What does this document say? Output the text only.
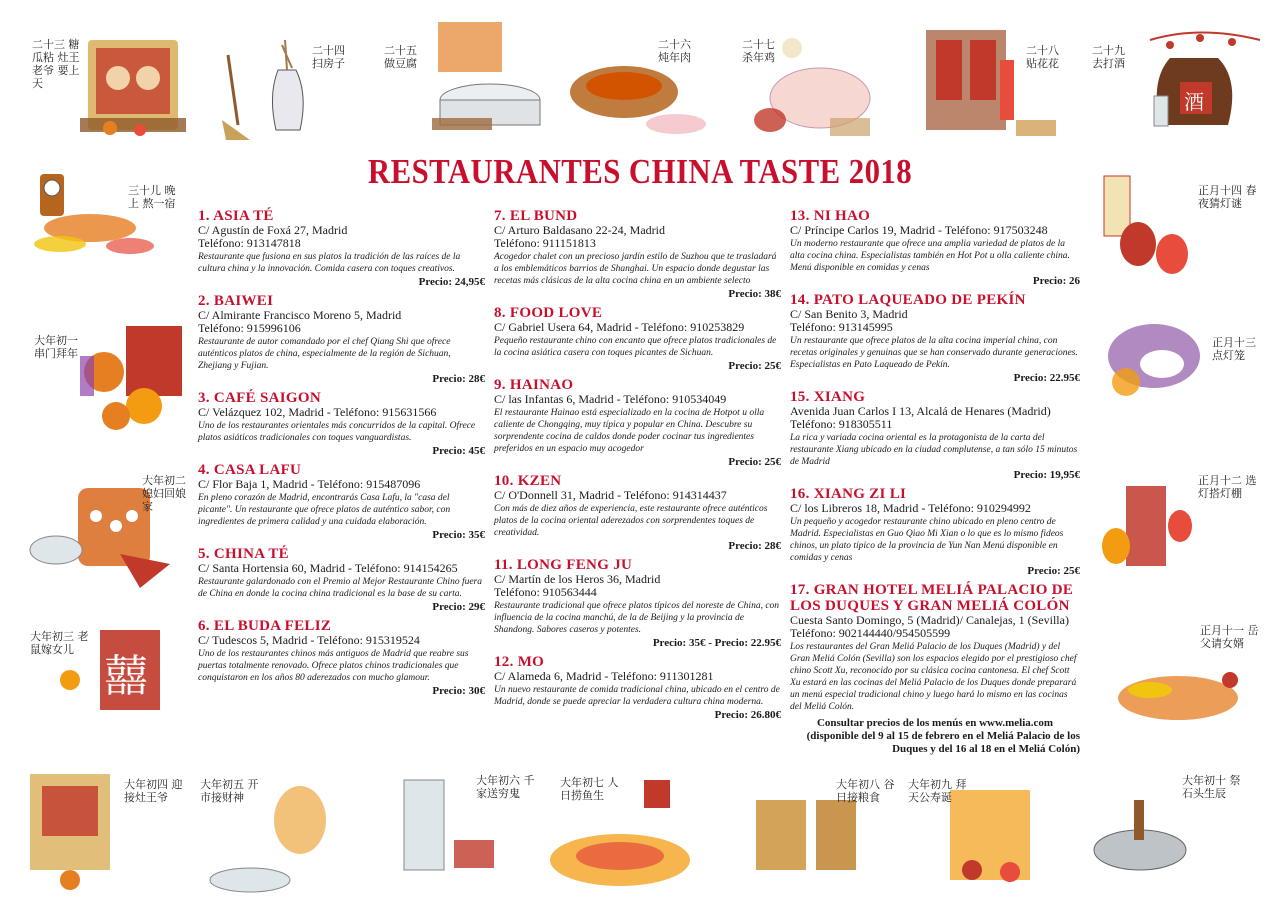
酒
二十三 糖瓜粘 灶王老爷 要上天
二十四 扫房子
二十五 做豆腐
二十六 炖年肉
二十七 杀年鸡
二十八 贴花花
二十九 去打酒
囍
三十儿 晚上 熬一宿
大年初一 串门拜年
大年初二 媳妇回娘家
大年初三 老鼠嫁女儿
正月十四 春夜猜灯谜
正月十三 点灯笼
正月十二 选灯搭灯棚
正月十一 岳父请女婿
大年初四 迎接灶王爷
大年初五 开市接财神
大年初六 千家送穷鬼
大年初七 人日捞鱼生
大年初八 谷日接粮食
大年初九 拜天公寿诞
大年初十 祭石头生辰
RESTAURANTES CHINA TASTE 2018
1. ASIA TÉ
C/ Agustín de Foxá 27, Madrid
Teléfono: 913147818
Restaurante que fusiona en sus platos la tradición de las raíces de la cultura china y la innovación. Comida casera con toques creativos.
Precio: 24,95€
2. BAIWEI
C/ Almirante Francisco Moreno 5, Madrid
Teléfono: 915996106
Restaurante de autor comandado por el chef Qiang Shi que ofrece auténticos platos de china, especialmente de la región de Sichuan, Zhejiang y Fujian.
Precio: 28€
3. CAFÉ SAIGON
C/ Velázquez 102, Madrid - Teléfono: 915631566
Uno de los restaurantes orientales más concurridos de la capital. Ofrece platos asiáticos tradicionales con toques vanguardistas.
Precio: 45€
4. CASA LAFU
C/ Flor Baja 1, Madrid - Teléfono: 915487096
En pleno corazón de Madrid, encontrarás Casa Lafu, la "casa del picante". Un restaurante que ofrece platos de auténtico sabor, con ingredientes de primera calidad y una cuidada elaboración.
Precio: 35€
5. CHINA TÉ
C/ Santa Hortensia 60, Madrid - Teléfono: 914154265
Restaurante galardonado con el Premio al Mejor Restaurante Chino fuera de China en donde la cocina china tradicional es la base de su carta.
Precio: 29€
6. EL BUDA FELIZ
C/ Tudescos 5, Madrid - Teléfono: 915319524
Uno de los restaurantes chinos más antiguos de Madrid que reabre sus puertas totalmente renovado. Ofrece platos chinos tradicionales que conquistaron en los años 80 aderezados con mucho glamour.
Precio: 30€
7. EL BUND
C/ Arturo Baldasano 22-24, Madrid
Teléfono: 911151813
Acogedor chalet con un precioso jardín estilo de Suzhou que te trasladará a los emblemáticos barrios de Shanghai. Un espacio donde degustar las recetas más clásicas de la alta cocina china en un ambiente selecto
Precio: 38€
8. FOOD LOVE
C/ Gabriel Usera 64, Madrid - Teléfono: 910253829
Pequeño restaurante chino con encanto que ofrece platos tradicionales de la cocina asiática casera con toques picantes de Sichuan.
Precio: 25€
9. HAINAO
C/ las Infantas 6, Madrid - Teléfono: 910534049
El restaurante Hainao está especializado en la cocina de Hotpot u olla caliente de Chongqing, muy típica y popular en China. Descubre su sorprendente cocina de caldos donde poder cocinar tus ingredientes preferidos en un espacio muy acogedor
Precio: 25€
10. KZEN
C/ O'Donnell 31, Madrid - Teléfono: 914314437
Con más de diez años de experiencia, este restaurante ofrece auténticos platos de la cocina oriental aderezados con sorprendentes toques de creatividad.
Precio: 28€
11. LONG FENG JU
C/ Martín de los Heros 36, Madrid
Teléfono: 910563444
Restaurante tradicional que ofrece platos típicos del noreste de China, con influencia de la cocina manchú, de la de Beijing y la provincia de Shandong. Sabores caseros y potentes.
Precio: 35€ - Precio: 22.95€
12. MO
C/ Alameda 6, Madrid - Teléfono: 911301281
Un nuevo restaurante de comida tradicional china, ubicado en el centro de Madrid, donde se puede apreciar la verdadera cultura china moderna.
Precio: 26.80€
13. NI HAO
C/ Príncipe Carlos 19, Madrid - Teléfono: 917503248
Un moderno restaurante que ofrece una amplia variedad de platos de la alta cocina china. Especialistas también en Hot Pot u olla caliente china. Menú disponible en comidas y cenas
Precio: 26
14. PATO LAQUEADO DE PEKÍN
C/ San Benito 3, Madrid
Teléfono: 913145995
Un restaurante que ofrece platos de la alta cocina imperial china, con recetas originales y genuinas que se han conservado durante generaciones. Especialistas en Pato Laqueado de Pekín.
Precio: 22.95€
15. XIANG
Avenida Juan Carlos I 13, Alcalá de Henares (Madrid)
Teléfono: 918305511
La rica y variada cocina oriental es la protagonista de la carta del restaurante Xiang ubicado en la ciudad complutense, a tan sólo 15 minutos de Madrid
Precio: 19,95€
16. XIANG ZI LI
C/ los Libreros 18, Madrid - Teléfono: 910294992
Un pequeño y acogedor restaurante chino ubicado en pleno centro de Madrid. Especialistas en Guo Qiao Mi Xian o lo que es lo mismo fideos chinos, un plato típico de la provincia de Yun Nan Menú disponible en comidas y cenas
Precio: 25€
17. GRAN HOTEL MELIÁ PALACIO DE LOS DUQUES Y GRAN MELIÁ COLÓN
Cuesta Santo Domingo, 5 (Madrid)/ Canalejas, 1 (Sevilla)
Teléfono: 902144440/954505599
Los restaurantes del Gran Meliá Palacio de los Duques (Madrid) y del Gran Meliá Colón (Sevilla) son los espacios elegido por el prestigioso chef chino Scott Xu, reconocido por su clásica cocina cantonesa. El chef Scott Xu estará en las cocinas del Meliá Palacio de los Duques donde preparará un menú especial tradicional chino y luego hará lo mismo en las cocinas del Meliá Colón.
Consultar precios de los menús en www.melia.com
(disponible del 9 al 15 de febrero en el Meliá Palacio de los Duques y del 16 al 18 en el Meliá Colón)
